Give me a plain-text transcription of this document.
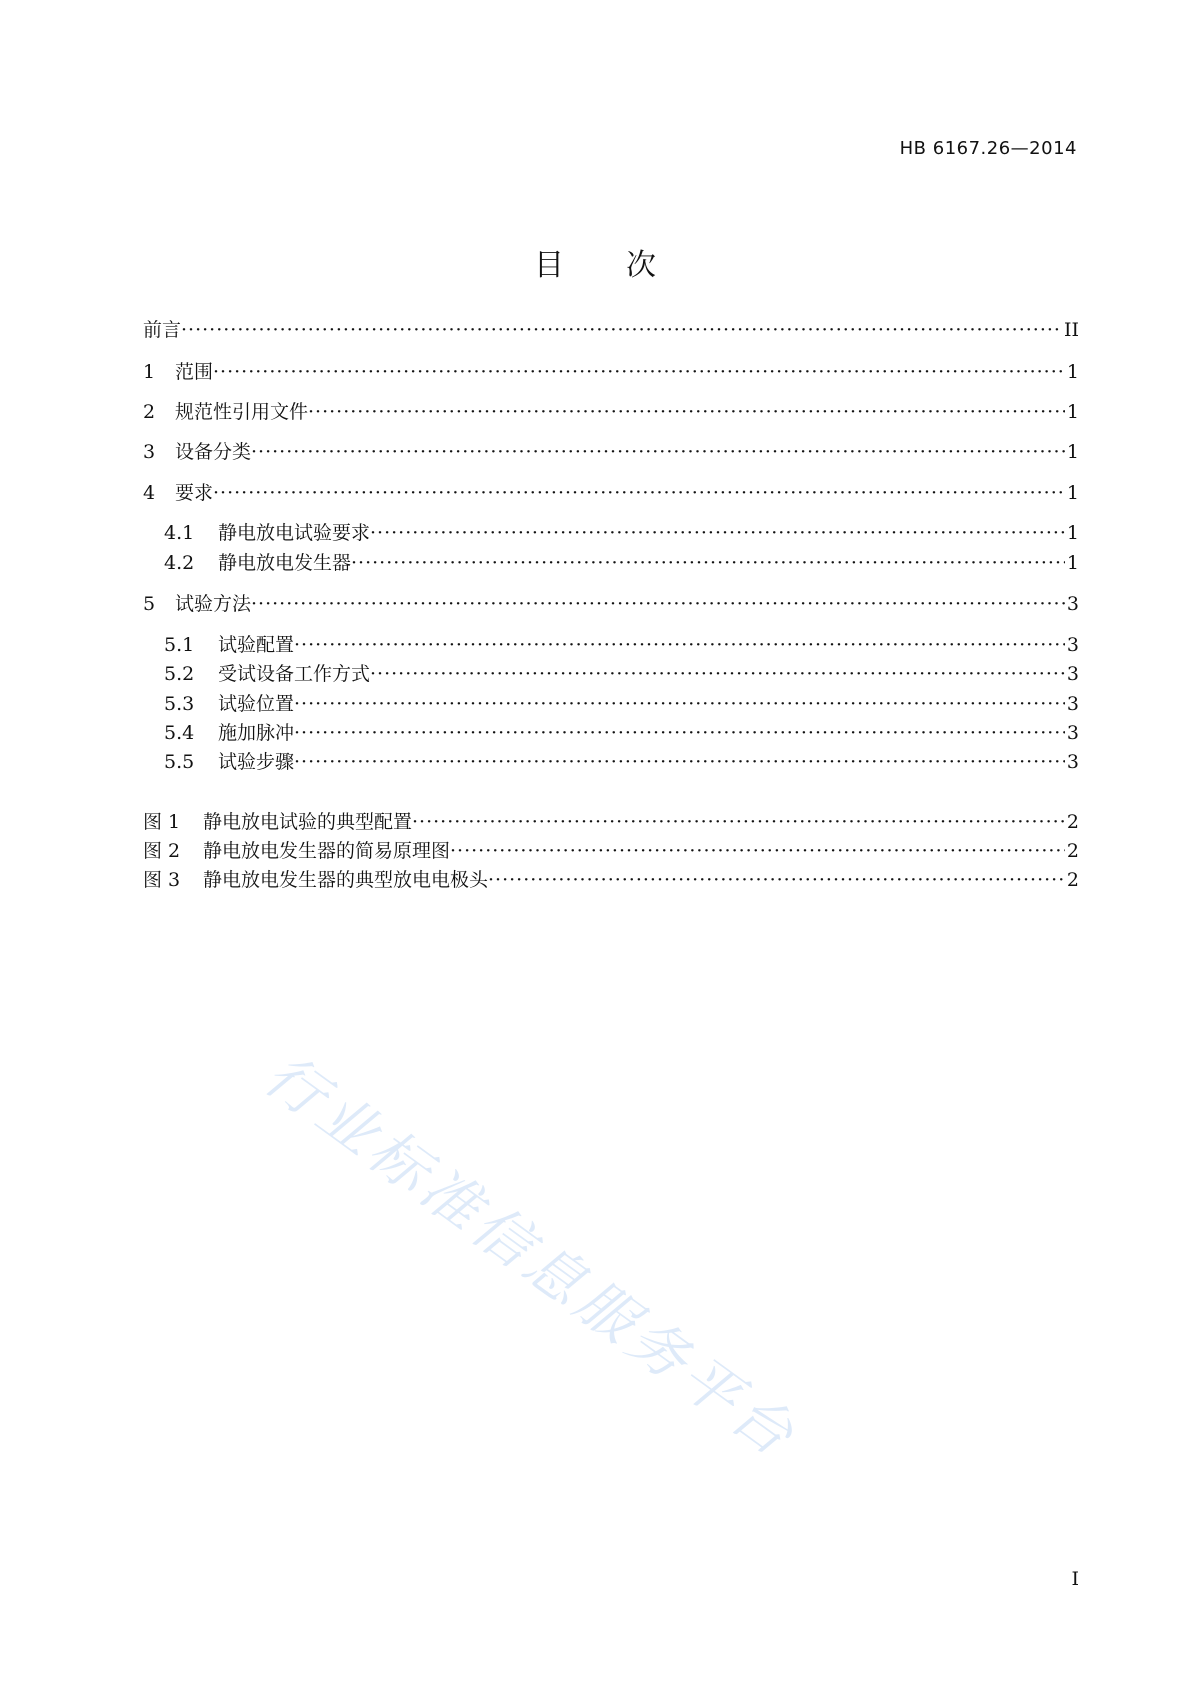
HB 6167.26—2014
目 次
前言 ·····	II
1	范围 ·····	1
2	规范性引用文件 ·····	1
3	设备分类 ·····	1
4	要求 ·····	1
4.1	静电放电试验要求 ·····	1
4.2	静电放电发生器 ·····	1
5	试验方法 ·····	3
5.1	试验配置 ·····	3
5.2	受试设备工作方式 ·····	3
5.3	试验位置 ·····	3
5.4	施加脉冲 ·····	3
5.5	试验步骤 ·····	3
图 1	静电放电试验的典型配置 ·····	2
图 2	静电放电发生器的简易原理图 ·····	2
图 3	静电放电发生器的典型放电电极头 ·····	2
行业标准信息服务平台
I
